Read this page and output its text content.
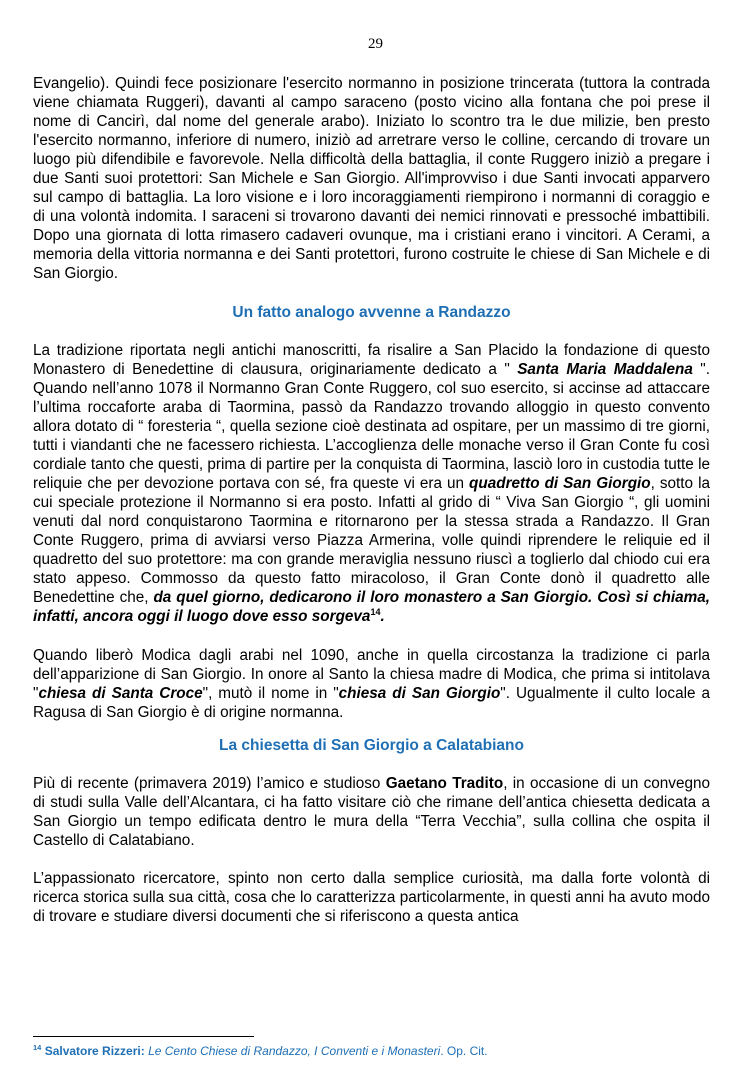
29

Evangelio). Quindi fece posizionare l'esercito normanno in posizione trincerata (tuttora la contrada viene chiamata Ruggeri), davanti al campo saraceno (posto vicino alla fontana che poi prese il nome di Cancirì, dal nome del generale arabo). Iniziato lo scontro tra le due milizie, ben presto l'esercito normanno, inferiore di numero, iniziò ad arretrare verso le colline, cercando di trovare un luogo più difendibile e favorevole. Nella difficoltà della battaglia, il conte Ruggero iniziò a pregare i due Santi suoi protettori: San Michele e San Giorgio. All'improvviso i due Santi invocati apparvero sul campo di battaglia. La loro visione e i loro incoraggiamenti riempirono i normanni di coraggio e di una volontà indomita. I saraceni si trovarono davanti dei nemici rinnovati e pressoché imbattibili. Dopo una giornata di lotta rimasero cadaveri ovunque, ma i cristiani erano i vincitori. A Cerami, a memoria della vittoria normanna e dei Santi protettori, furono costruite le chiese di San Michele e di San Giorgio.

Un fatto analogo avvenne a Randazzo

La tradizione riportata negli antichi manoscritti, fa risalire a San Placido la fondazione di questo Monastero di Benedettine di clausura, originariamente dedicato a " Santa Maria Maddalena ". Quando nell’anno 1078 il Normanno Gran Conte Ruggero, col suo esercito, si accinse ad attaccare l’ultima roccaforte araba di Taormina, passò da Randazzo trovando alloggio in questo convento allora dotato di “ foresteria “, quella sezione cioè destinata ad ospitare, per un massimo di tre giorni, tutti i viandanti che ne facessero richiesta. L’accoglienza delle monache verso il Gran Conte fu così cordiale tanto che questi, prima di partire per la conquista di Taormina, lasciò loro in custodia tutte le reliquie che per devozione portava con sé, fra queste vi era un quadretto di San Giorgio, sotto la cui speciale protezione il Normanno si era posto. Infatti al grido di “ Viva San Giorgio “, gli uomini venuti dal nord conquistarono Taormina e ritornarono per la stessa strada a Randazzo. Il Gran Conte Ruggero, prima di avviarsi verso Piazza Armerina, volle quindi riprendere le reliquie ed il quadretto del suo protettore: ma con grande meraviglia nessuno riuscì a toglierlo dal chiodo cui era stato appeso. Commosso da questo fatto miracoloso, il Gran Conte donò il quadretto alle Benedettine che, da quel giorno, dedicarono il loro monastero a San Giorgio. Così si chiama, infatti, ancora oggi il luogo dove esso sorgeva$^{14}$.

Quando liberò Modica dagli arabi nel 1090, anche in quella circostanza la tradizione ci parla dell’apparizione di San Giorgio. In onore al Santo la chiesa madre di Modica, che prima si intitolava "chiesa di Santa Croce", mutò il nome in "chiesa di San Giorgio". Ugualmente il culto locale a Ragusa di San Giorgio è di origine normanna.

La chiesetta di San Giorgio a Calatabiano

Più di recente (primavera 2019) l’amico e studioso Gaetano Tradito, in occasione di un convegno di studi sulla Valle dell’Alcantara, ci ha fatto visitare ciò che rimane dell’antica chiesetta dedicata a San Giorgio un tempo edificata dentro le mura della “Terra Vecchia”, sulla collina che ospita il Castello di Calatabiano.

L’appassionato ricercatore, spinto non certo dalla semplice curiosità, ma dalla forte volontà di ricerca storica sulla sua città, cosa che lo caratterizza particolarmente, in questi anni ha avuto modo di trovare e studiare diversi documenti che si riferiscono a questa antica

$^{14}$ Salvatore Rizzeri: Le Cento Chiese di Randazzo, I Conventi e i Monasteri. Op. Cit.
